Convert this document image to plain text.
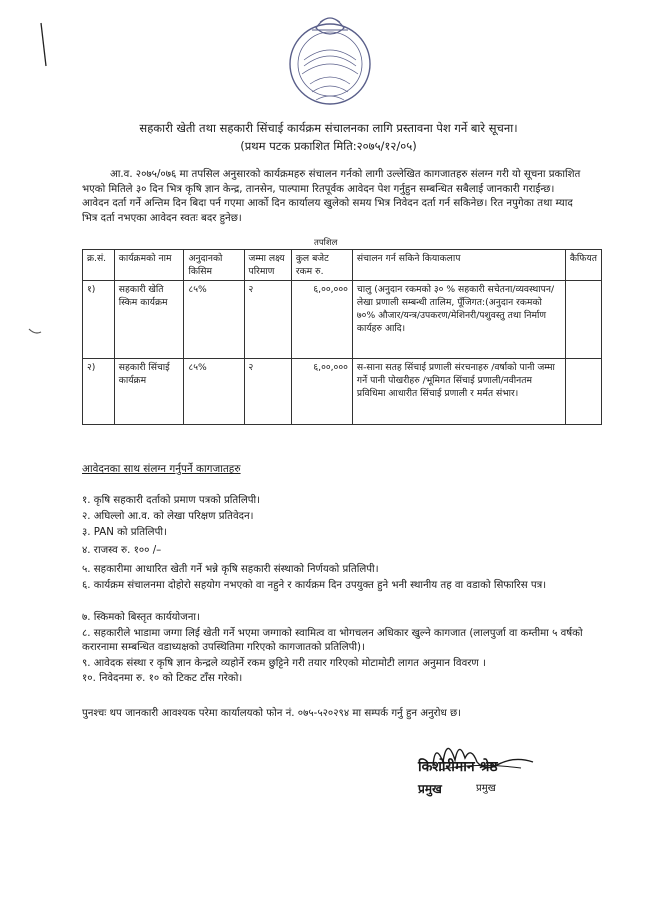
सहकारी खेती तथा सहकारी सिंचाई कार्यक्रम संचालनका लागि प्रस्तावना पेश गर्ने बारे सूचना।
(प्रथम पटक प्रकाशित मिति:२०७५/१२/०५)
आ.व. २०७५/०७६ मा तपसिल अनुसारको कार्यक्रमहरु संचालन गर्नको लागी उल्लेखित कागजातहरु संलग्न गरी यो सूचना प्रकाशित भएको मितिले ३० दिन भित्र कृषि ज्ञान केन्द्र, तानसेन, पाल्पामा रितपूर्वक आवेदन पेश गर्नुहुन सम्बन्धित सबैलाई जानकारी गराईन्छ। आवेदन दर्ता गर्ने अन्तिम दिन बिदा पर्न गएमा आर्को दिन कार्यालय खुलेको समय भित्र निवेदन दर्ता गर्न सकिनेछ। रित नपुगेका तथा म्याद भित्र दर्ता नभएका आवेदन स्वतः बदर हुनेछ।
तपशिल
क्र.सं.	कार्यक्रमको नाम	अनुदानको किसिम	जम्मा लक्ष्य परिमाण	कुल बजेट रकम रु.	संचालन गर्न सकिने कियाकलाप	कैफियत
१)	सहकारी खेति स्किम कार्यक्रम	८५%	२	६,००,०००	चालु (अनुदान रकमको ३० % सहकारी सचेतना/व्यवस्थापन/लेखा प्रणाली सम्बन्धी तालिम, पूँजिगत:(अनुदान रकमको ७०% औजार/यन्त्र/उपकरण/मेशिनरी/पशुवस्तु तथा निर्माण कार्यहरु आदि।	
२)	सहकारी सिंचाई कार्यक्रम	८५%	२	६,००,०००	स-साना सतह सिंचाई प्रणाली संरचनाहरु /वर्षाको पानी जम्मा गर्ने पानी पोखरीहरु /भूमिगत सिंचाई प्रणाली/नवीनतम प्रविधिमा आधारीत सिंचाई प्रणाली र मर्मत संभार।	
आवेदनका साथ संलग्न गर्नुपर्ने कागजातहरु
१. कृषि सहकारी दर्ताको प्रमाण पत्रको प्रतिलिपी।
२. अघिल्लो आ.व. को लेखा परिक्षण प्रतिवेदन।
३. PAN को प्रतिलिपी।
४. राजस्व रु. १०० /–
५. सहकारीमा आधारित खेती गर्ने भन्ने कृषि सहकारी संस्थाको निर्णयको प्रतिलिपी।
६. कार्यक्रम संचालनमा दोहोरो सहयोग नभएको वा नहुने र कार्यक्रम दिन उपयुक्त हुने भनी स्थानीय तह वा वडाको सिफारिस पत्र।
७. स्किमको बिस्तृत कार्ययोजना।
८. सहकारीले भाडामा जग्गा लिई खेती गर्ने भएमा जग्गाको स्वामित्व वा भोगचलन अधिकार खुल्ने कागजात (लालपुर्जा वा कम्तीमा ५ वर्षको करारनामा सम्बन्धित वडाध्यक्षको उपस्थितिमा गरिएको कागजातको प्रतिलिपी)।
९. आवेदक संस्था र कृषि ज्ञान केन्द्रले व्यहोर्ने रकम छुट्टिने गरी तयार गरिएको मोटामोटी लागत अनुमान विवरण ।
१०. निवेदनमा रु. १० को टिकट टाँस गरेको।
पुनश्चः थप जानकारी आवश्यक परेमा कार्यालयको फोन नं. ०७५-५२०२९४ मा सम्पर्क गर्नु हुन अनुरोध छ।
किशोरीमान श्रेष्ठ
प्रमुख	प्रमुख
